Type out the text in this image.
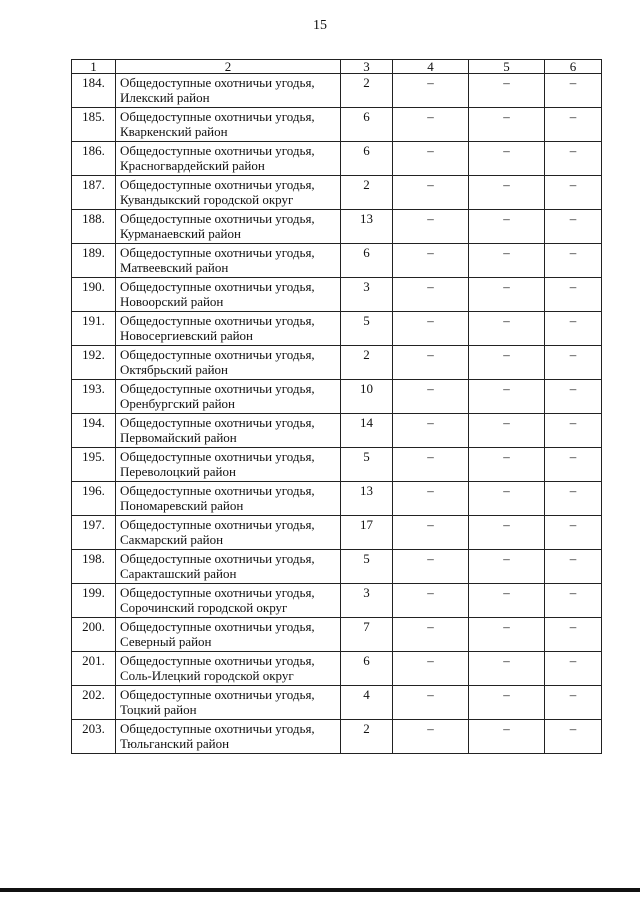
15
1	2	3	4	5	6
184.	Общедоступные охотничьи угодья, Илекский район	2	–	–	–
185.	Общедоступные охотничьи угодья, Кваркенский район	6	–	–	–
186.	Общедоступные охотничьи угодья, Красногвардейский район	6	–	–	–
187.	Общедоступные охотничьи угодья, Кувандыкский городской округ	2	–	–	–
188.	Общедоступные охотничьи угодья, Курманаевский район	13	–	–	–
189.	Общедоступные охотничьи угодья, Матвеевский район	6	–	–	–
190.	Общедоступные охотничьи угодья, Новоорский район	3	–	–	–
191.	Общедоступные охотничьи угодья, Новосергиевский район	5	–	–	–
192.	Общедоступные охотничьи угодья, Октябрьский район	2	–	–	–
193.	Общедоступные охотничьи угодья, Оренбургский район	10	–	–	–
194.	Общедоступные охотничьи угодья, Первомайский район	14	–	–	–
195.	Общедоступные охотничьи угодья, Переволоцкий район	5	–	–	–
196.	Общедоступные охотничьи угодья, Пономаревский район	13	–	–	–
197.	Общедоступные охотничьи угодья, Сакмарский район	17	–	–	–
198.	Общедоступные охотничьи угодья, Саракташский район	5	–	–	–
199.	Общедоступные охотничьи угодья, Сорочинский городской округ	3	–	–	–
200.	Общедоступные охотничьи угодья, Северный район	7	–	–	–
201.	Общедоступные охотничьи угодья, Соль-Илецкий городской округ	6	–	–	–
202.	Общедоступные охотничьи угодья, Тоцкий район	4	–	–	–
203.	Общедоступные охотничьи угодья, Тюльганский район	2	–	–	–
